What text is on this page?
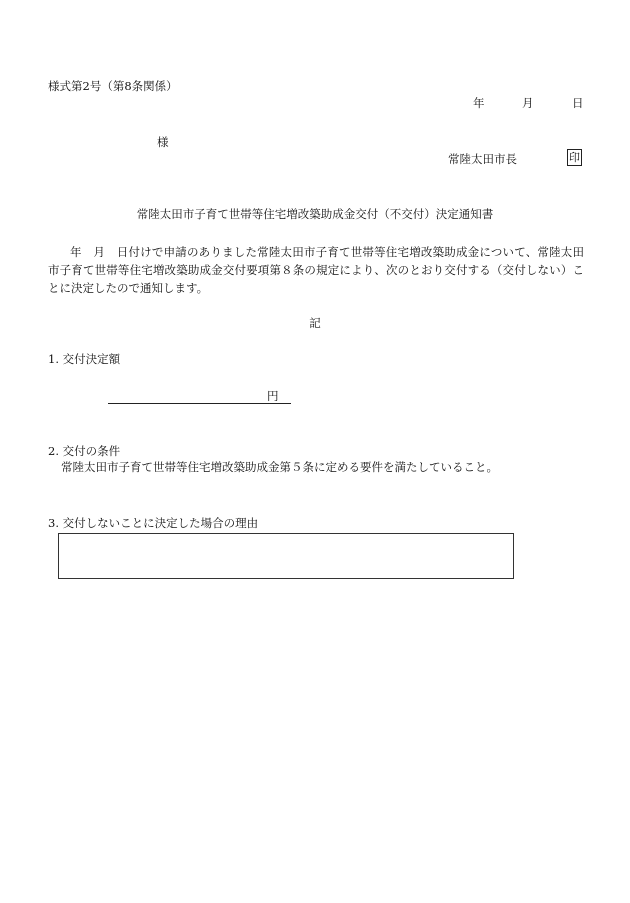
様式第2号（第8条関係）
年	月	日
様
常陸太田市長	印
常陸太田市子育て世帯等住宅増改築助成金交付（不交付）決定通知書
年　月　日付けで申請のありました常陸太田市子育て世帯等住宅増改築助成金について、常陸太田市子育て世帯等住宅増改築助成金交付要項第８条の規定により、次のとおり交付する（交付しない）ことに決定したので通知します。
記
1. 交付決定額
円
2. 交付の条件
常陸太田市子育て世帯等住宅増改築助成金第５条に定める要件を満たしていること。
3. 交付しないことに決定した場合の理由
